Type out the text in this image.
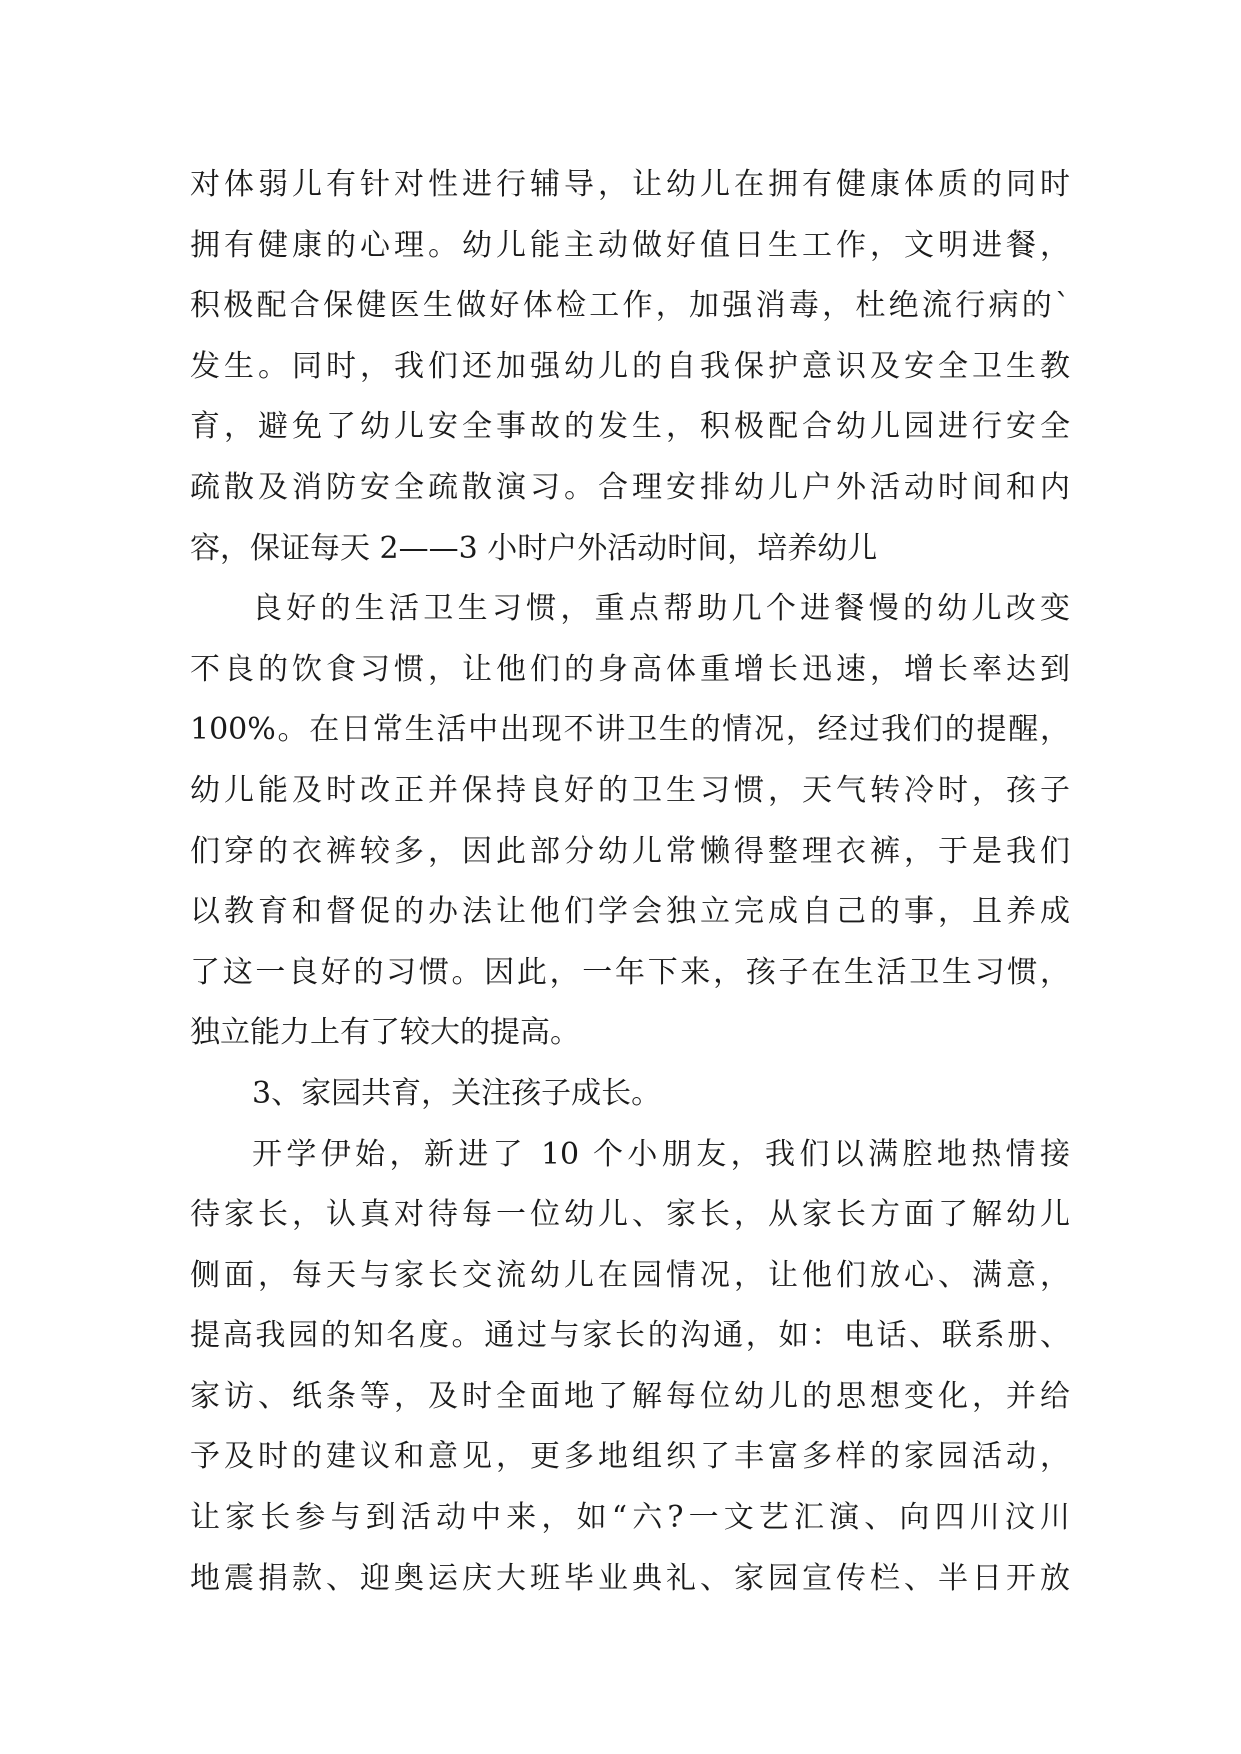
对体弱儿有针对性进行辅导，让幼儿在拥有健康体质的同时
拥有健康的心理。幼儿能主动做好值日生工作，文明进餐，
积极配合保健医生做好体检工作，加强消毒，杜绝流行病的`
发生。同时，我们还加强幼儿的自我保护意识及安全卫生教
育，避免了幼儿安全事故的发生，积极配合幼儿园进行安全
疏散及消防安全疏散演习。合理安排幼儿户外活动时间和内
容，保证每天 2——3 小时户外活动时间，培养幼儿
良好的生活卫生习惯，重点帮助几个进餐慢的幼儿改变
不良的饮食习惯，让他们的身高体重增长迅速，增长率达到
100%。在日常生活中出现不讲卫生的情况，经过我们的提醒，
幼儿能及时改正并保持良好的卫生习惯，天气转冷时，孩子
们穿的衣裤较多，因此部分幼儿常懒得整理衣裤，于是我们
以教育和督促的办法让他们学会独立完成自己的事，且养成
了这一良好的习惯。因此，一年下来，孩子在生活卫生习惯，
独立能力上有了较大的提高。
3、家园共育，关注孩子成长。
开学伊始，新进了 10 个小朋友，我们以满腔地热情接
待家长，认真对待每一位幼儿、家长，从家长方面了解幼儿
侧面，每天与家长交流幼儿在园情况，让他们放心、满意，
提高我园的知名度。通过与家长的沟通，如：电话、联系册、
家访、纸条等，及时全面地了解每位幼儿的思想变化，并给
予及时的建议和意见，更多地组织了丰富多样的家园活动，
让家长参与到活动中来，如“六?一文艺汇演、向四川汶川
地震捐款、迎奥运庆大班毕业典礼、家园宣传栏、半日开放
